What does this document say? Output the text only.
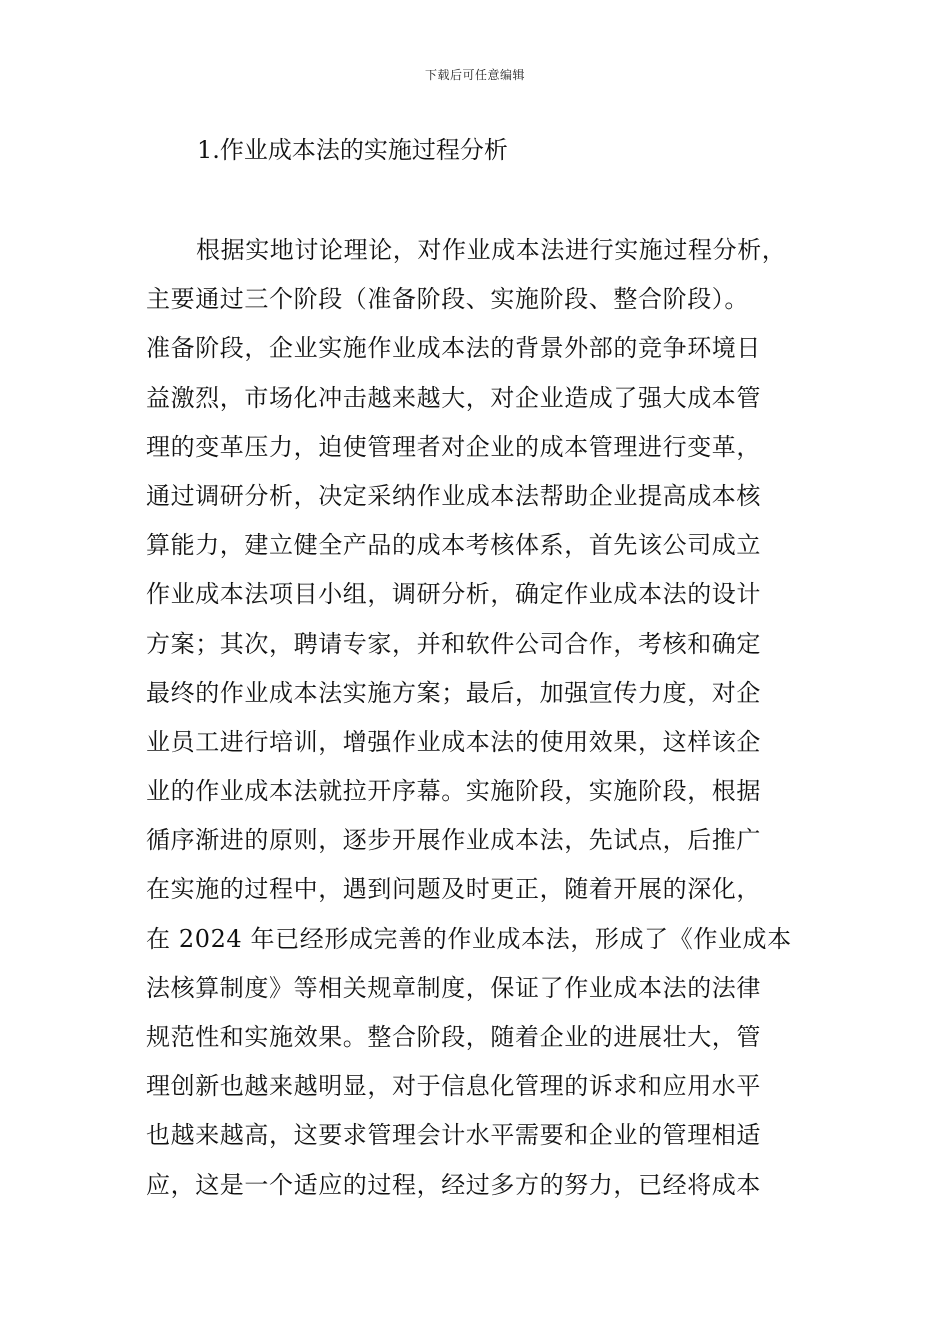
下载后可任意编辑
1.作业成本法的实施过程分析
根据实地讨论理论，对作业成本法进行实施过程分析，
主要通过三个阶段（准备阶段、实施阶段、整合阶段）。
准备阶段，企业实施作业成本法的背景外部的竞争环境日
益激烈，市场化冲击越来越大，对企业造成了强大成本管
理的变革压力，迫使管理者对企业的成本管理进行变革，
通过调研分析，决定采纳作业成本法帮助企业提高成本核
算能力，建立健全产品的成本考核体系，首先该公司成立
作业成本法项目小组，调研分析，确定作业成本法的设计
方案；其次，聘请专家，并和软件公司合作，考核和确定
最终的作业成本法实施方案；最后，加强宣传力度，对企
业员工进行培训，增强作业成本法的使用效果，这样该企
业的作业成本法就拉开序幕。实施阶段，实施阶段，根据
循序渐进的原则，逐步开展作业成本法，先试点，后推广
在实施的过程中，遇到问题及时更正，随着开展的深化，
在 2024 年已经形成完善的作业成本法，形成了《作业成本
法核算制度》等相关规章制度，保证了作业成本法的法律
规范性和实施效果。整合阶段，随着企业的进展壮大，管
理创新也越来越明显，对于信息化管理的诉求和应用水平
也越来越高，这要求管理会计水平需要和企业的管理相适
应，这是一个适应的过程，经过多方的努力，已经将成本
